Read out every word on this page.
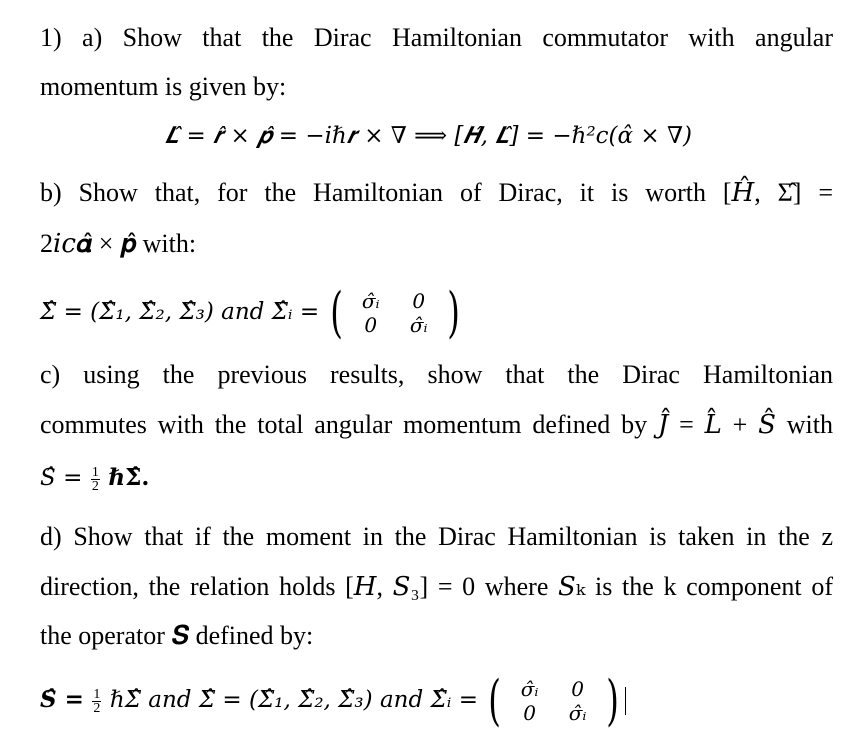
1) a) Show that the Dirac Hamiltonian commutator with angular
momentum is given by:
𝑳̂ = 𝒓̂ × 𝒑̂ = −𝑖ℏ𝒓 × ∇ ⟹ [𝑯̂, 𝑳̂] = −ℏ²𝑐(𝛼̂ × ∇)
b) Show that, for the Hamiltonian of Dirac, it is worth [𝐻̂, Σ̂] =
2𝑖𝑐𝜶̂ × 𝒑̂ with:
Σ̂ = (Σ̂₁, Σ̂₂, Σ̂₃) and Σ̂ᵢ = ( 𝜎̂ᵢ	0
0	𝜎̂ᵢ )
c) using the previous results, show that the Dirac Hamiltonian
commutes with the total angular momentum defined by 𝐽̂ = 𝐿̂ + 𝑆̂ with
𝑆̂ = $\frac{1}{2}$ ℏΣ̂.
d) Show that if the moment in the Dirac Hamiltonian is taken in the z
direction, the relation holds [𝐻, 𝑆₃] = 0 where 𝑆ₖ is the k component of
the operator 𝑺 defined by:
𝑺̂ = $\frac{1}{2}$ ℏΣ̂ and Σ̂ = (Σ̂₁, Σ̂₂, Σ̂₃) and Σ̂ᵢ = ( 𝜎̂ᵢ	0
0	𝜎̂ᵢ )
